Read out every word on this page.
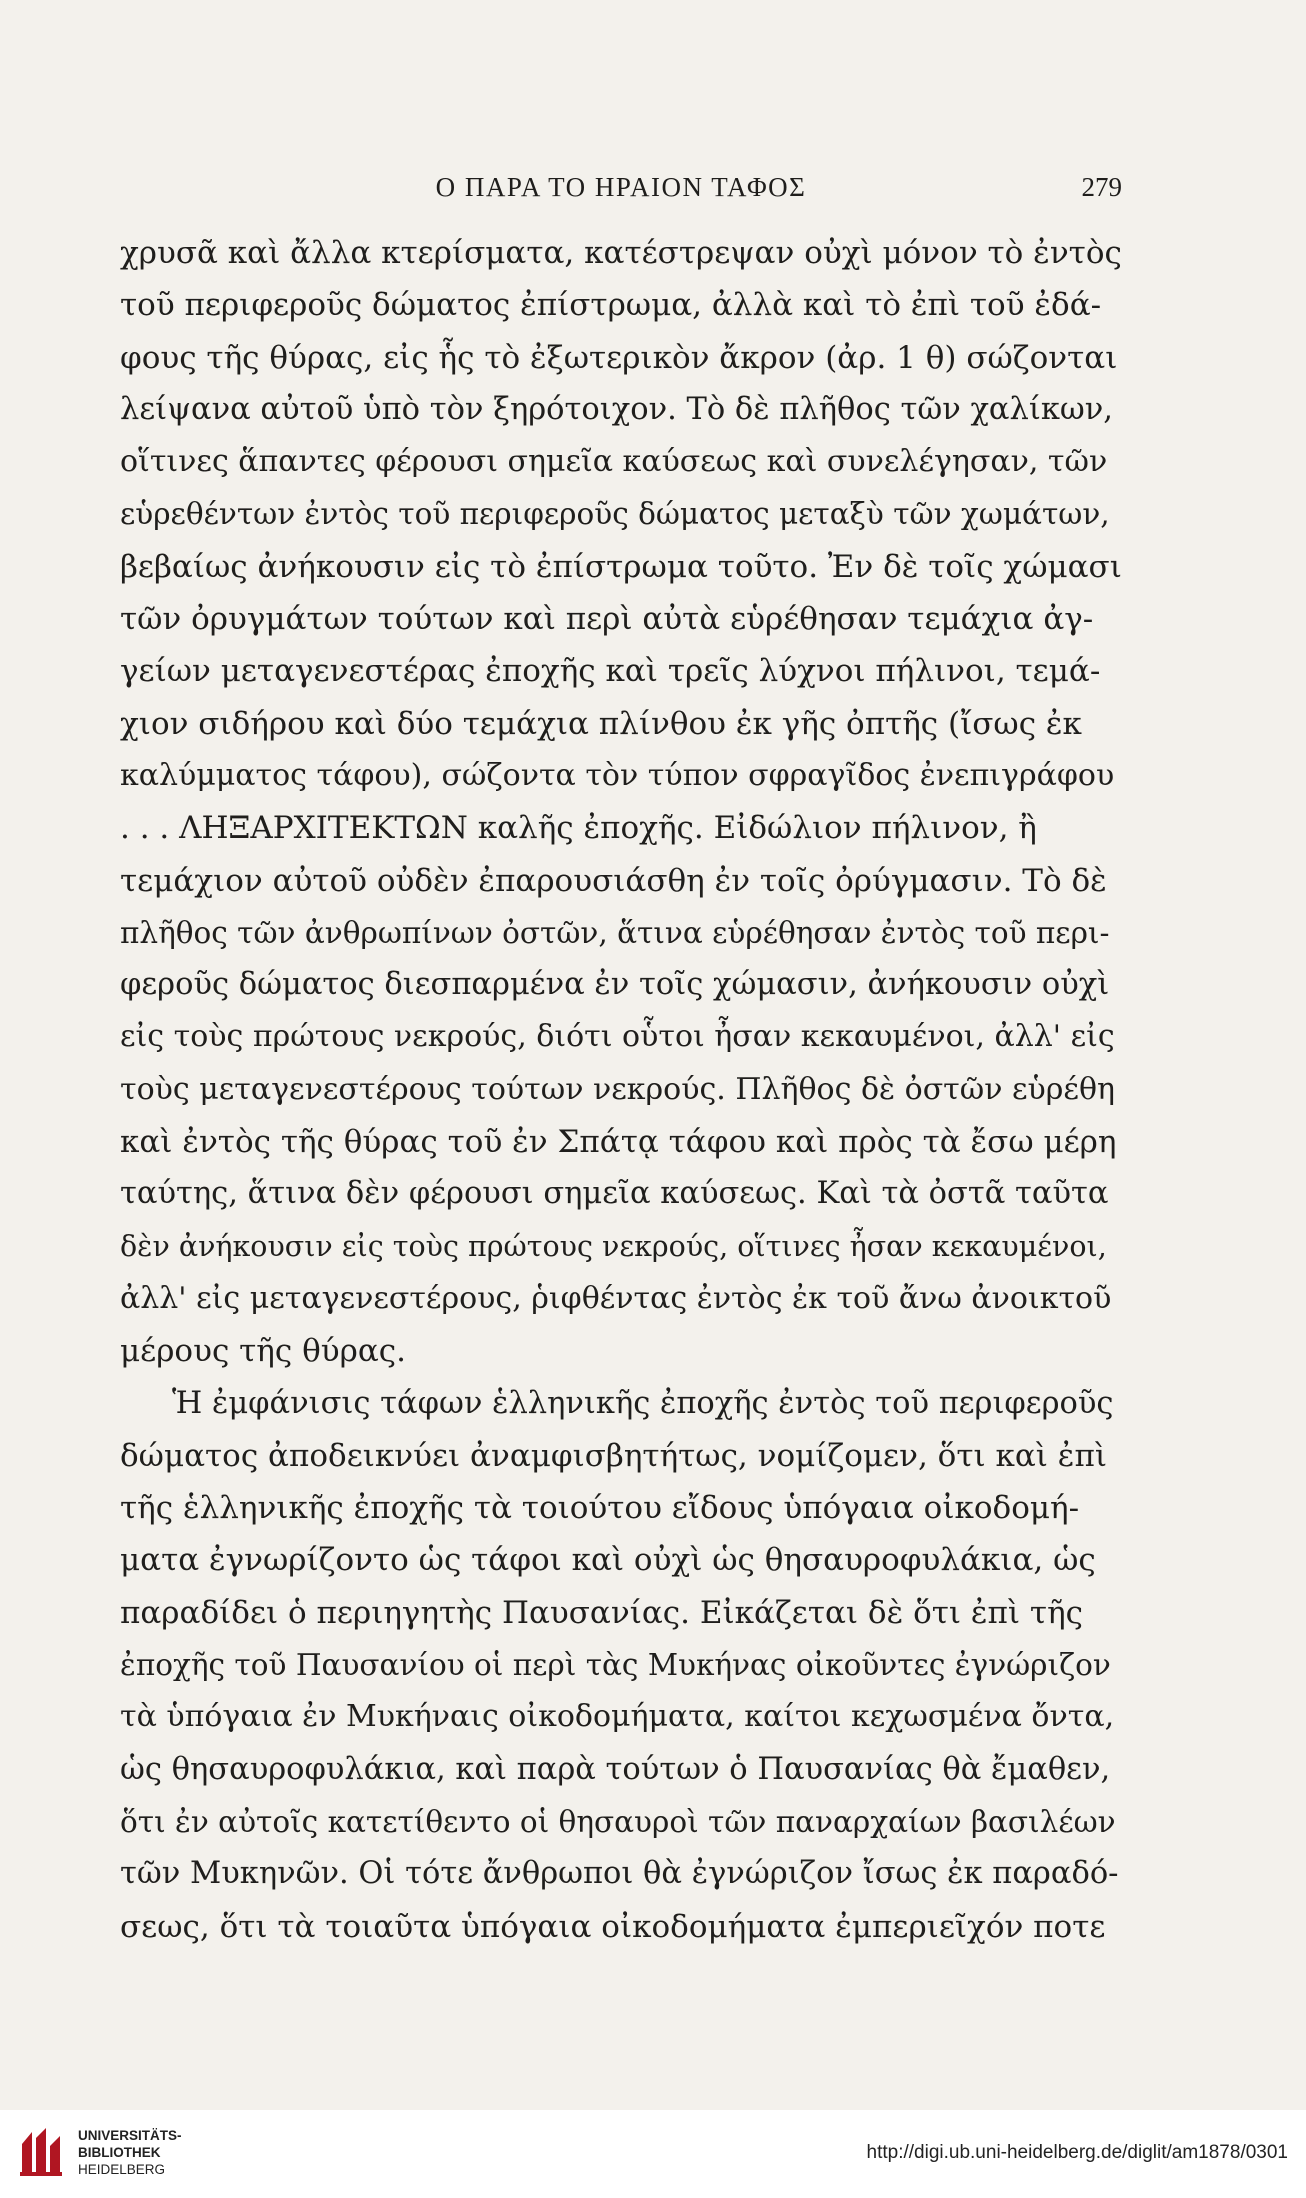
Ο ΠΑΡΑ ΤΟ ΗΡΑΙΟΝ ΤΑΦΟΣ	279
χρυσᾶ καὶ ἄλλα κτερίσματα, κατέστρεψαν οὐχὶ μόνον τὸ ἐντὸς
τοῦ περιφεροῦς δώματος ἐπίστρωμα, ἀλλὰ καὶ τὸ ἐπὶ τοῦ ἐδά-
φους τῆς θύρας, εἰς ἧς τὸ ἐξωτερικὸν ἄκρον (ἀρ. 1 θ) σώζονται
λείψανα αὐτοῦ ὑπὸ τὸν ξηρότοιχον. Τὸ δὲ πλῆθος τῶν χαλίκων,
οἵτινες ἅπαντες φέρουσι σημεῖα καύσεως καὶ συνελέγησαν, τῶν
εὑρεθέντων ἐντὸς τοῦ περιφεροῦς δώματος μεταξὺ τῶν χωμάτων,
βεβαίως ἀνήκουσιν εἰς τὸ ἐπίστρωμα τοῦτο. Ἐν δὲ τοῖς χώμασι
τῶν ὀρυγμάτων τούτων καὶ περὶ αὐτὰ εὑρέθησαν τεμάχια ἀγ-
γείων μεταγενεστέρας ἐποχῆς καὶ τρεῖς λύχνοι πήλινοι, τεμά-
χιον σιδήρου καὶ δύο τεμάχια πλίνθου ἐκ γῆς ὀπτῆς (ἴσως ἐκ
καλύμματος τάφου), σώζοντα τὸν τύπον σφραγῖδος ἐνεπιγράφου
. . . ΛΗΞΑΡΧΙΤΕΚΤΩΝ καλῆς ἐποχῆς. Εἰδώλιον πήλινον, ἢ
τεμάχιον αὐτοῦ οὐδὲν ἐπαρουσιάσθη ἐν τοῖς ὀρύγμασιν. Τὸ δὲ
πλῆθος τῶν ἀνθρωπίνων ὀστῶν, ἅτινα εὑρέθησαν ἐντὸς τοῦ περι-
φεροῦς δώματος διεσπαρμένα ἐν τοῖς χώμασιν, ἀνήκουσιν οὐχὶ
εἰς τοὺς πρώτους νεκρούς, διότι οὗτοι ἦσαν κεκαυμένοι, ἀλλ' εἰς
τοὺς μεταγενεστέρους τούτων νεκρούς. Πλῆθος δὲ ὀστῶν εὑρέθη
καὶ ἐντὸς τῆς θύρας τοῦ ἐν Σπάτᾳ τάφου καὶ πρὸς τὰ ἔσω μέρη
ταύτης, ἅτινα δὲν φέρουσι σημεῖα καύσεως. Καὶ τὰ ὀστᾶ ταῦτα
δὲν ἀνήκουσιν εἰς τοὺς πρώτους νεκρούς, οἵτινες ἦσαν κεκαυμένοι,
ἀλλ' εἰς μεταγενεστέρους, ῥιφθέντας ἐντὸς ἐκ τοῦ ἄνω ἀνοικτοῦ
μέρους τῆς θύρας.
Ἡ ἐμφάνισις τάφων ἑλληνικῆς ἐποχῆς ἐντὸς τοῦ περιφεροῦς
δώματος ἀποδεικνύει ἀναμφισβητήτως, νομίζομεν, ὅτι καὶ ἐπὶ
τῆς ἑλληνικῆς ἐποχῆς τὰ τοιούτου εἴδους ὑπόγαια οἰκοδομή-
ματα ἐγνωρίζοντο ὡς τάφοι καὶ οὐχὶ ὡς θησαυροφυλάκια, ὡς
παραδίδει ὁ περιηγητὴς Παυσανίας. Εἰκάζεται δὲ ὅτι ἐπὶ τῆς
ἐποχῆς τοῦ Παυσανίου οἱ περὶ τὰς Μυκήνας οἰκοῦντες ἐγνώριζον
τὰ ὑπόγαια ἐν Μυκήναις οἰκοδομήματα, καίτοι κεχωσμένα ὄντα,
ὡς θησαυροφυλάκια, καὶ παρὰ τούτων ὁ Παυσανίας θὰ ἔμαθεν,
ὅτι ἐν αὐτοῖς κατετίθεντο οἱ θησαυροὶ τῶν παναρχαίων βασιλέων
τῶν Μυκηνῶν. Οἱ τότε ἄνθρωποι θὰ ἐγνώριζον ἴσως ἐκ παραδό-
σεως, ὅτι τὰ τοιαῦτα ὑπόγαια οἰκοδομήματα ἐμπεριεῖχόν ποτε
UNIVERSITÄTS-
BIBLIOTHEK
HEIDELBERG
http://digi.ub.uni-heidelberg.de/diglit/am1878/0301
